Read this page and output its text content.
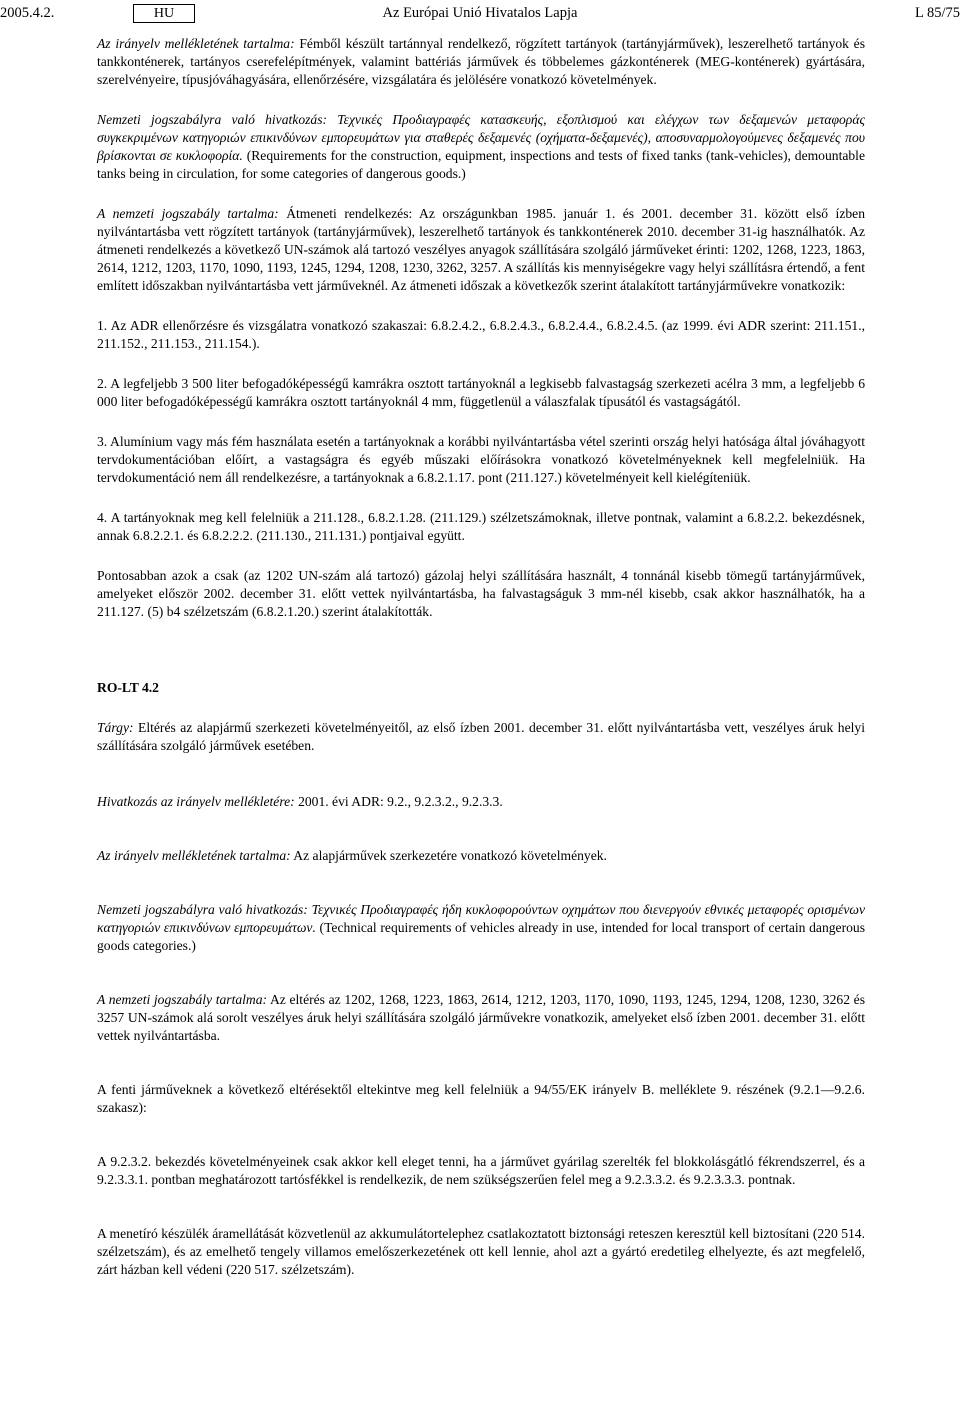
2005.4.2.	HU	Az Európai Unió Hivatalos Lapja	L 85/75

Az irányelv mellékletének tartalma: Fémből készült tartánnyal rendelkező, rögzített tartányok (tartányjárművek), leszerelhető tartányok és tankkonténerek, tartányos cserefelépítmények, valamint battériás járművek és többelemes gázkonténerek (MEG-konténerek) gyártására, szerelvényeire, típusjóváhagyására, ellenőrzésére, vizsgálatára és jelölésére vonatkozó követelmények.

Nemzeti jogszabályra való hivatkozás: Τεχνικές Προδιαγραφές κατασκευής, εξοπλισμού και ελέγχων των δεξαμενών μεταφοράς συγκεκριμένων κατηγοριών επικινδύνων εμπορευμάτων για σταθερές δεξαμενές (οχήματα-δεξαμενές), αποσυναρμολογούμενες δεξαμενές που βρίσκονται σε κυκλοφορία. (Requirements for the construction, equipment, inspections and tests of fixed tanks (tank-vehicles), demountable tanks being in circulation, for some categories of dangerous goods.)

A nemzeti jogszabály tartalma: Átmeneti rendelkezés: Az országunkban 1985. január 1. és 2001. december 31. között első ízben nyilvántartásba vett rögzített tartányok (tartányjárművek), leszerelhető tartányok és tankkonténerek 2010. december 31-ig használhatók. Az átmeneti rendelkezés a következő UN-számok alá tartozó veszélyes anyagok szállítására szolgáló járműveket érinti: 1202, 1268, 1223, 1863, 2614, 1212, 1203, 1170, 1090, 1193, 1245, 1294, 1208, 1230, 3262, 3257. A szállítás kis mennyiségekre vagy helyi szállításra értendő, a fent említett időszakban nyilvántartásba vett járműveknél. Az átmeneti időszak a következők szerint átalakított tartányjárművekre vonatkozik:

1. Az ADR ellenőrzésre és vizsgálatra vonatkozó szakaszai: 6.8.2.4.2., 6.8.2.4.3., 6.8.2.4.4., 6.8.2.4.5. (az 1999. évi ADR szerint: 211.151., 211.152., 211.153., 211.154.).

2. A legfeljebb 3 500 liter befogadóképességű kamrákra osztott tartányoknál a legkisebb falvastagság szerkezeti acélra 3 mm, a legfeljebb 6 000 liter befogadóképességű kamrákra osztott tartányoknál 4 mm, függetlenül a válaszfalak típusától és vastagságától.

3. Alumínium vagy más fém használata esetén a tartányoknak a korábbi nyilvántartásba vétel szerinti ország helyi hatósága által jóváhagyott tervdokumentációban előírt, a vastagságra és egyéb műszaki előírásokra vonatkozó követelményeknek kell megfelelniük. Ha tervdokumentáció nem áll rendelkezésre, a tartányoknak a 6.8.2.1.17. pont (211.127.) követelményeit kell kielégíteniük.

4. A tartányoknak meg kell felelniük a 211.128., 6.8.2.1.28. (211.129.) szélzetszámoknak, illetve pontnak, valamint a 6.8.2.2. bekezdésnek, annak 6.8.2.2.1. és 6.8.2.2.2. (211.130., 211.131.) pontjaival együtt.

Pontosabban azok a csak (az 1202 UN-szám alá tartozó) gázolaj helyi szállítására használt, 4 tonnánál kisebb tömegű tartányjárművek, amelyeket először 2002. december 31. előtt vettek nyilvántartásba, ha falvastagságuk 3 mm-nél kisebb, csak akkor használhatók, ha a 211.127. (5) b4 szélzetszám (6.8.2.1.20.) szerint átalakították.

RO-LT 4.2

Tárgy: Eltérés az alapjármű szerkezeti követelményeitől, az első ízben 2001. december 31. előtt nyilvántartásba vett, veszélyes áruk helyi szállítására szolgáló járművek esetében.

Hivatkozás az irányelv mellékletére: 2001. évi ADR: 9.2., 9.2.3.2., 9.2.3.3.

Az irányelv mellékletének tartalma: Az alapjárművek szerkezetére vonatkozó követelmények.

Nemzeti jogszabályra való hivatkozás: Τεχνικές Προδιαγραφές ήδη κυκλοφορούντων οχημάτων που διενεργούν εθνικές μεταφορές ορισμένων κατηγοριών επικινδύνων εμπορευμάτων. (Technical requirements of vehicles already in use, intended for local transport of certain dangerous goods categories.)

A nemzeti jogszabály tartalma: Az eltérés az 1202, 1268, 1223, 1863, 2614, 1212, 1203, 1170, 1090, 1193, 1245, 1294, 1208, 1230, 3262 és 3257 UN-számok alá sorolt veszélyes áruk helyi szállítására szolgáló járművekre vonatkozik, amelyeket első ízben 2001. december 31. előtt vettek nyilvántartásba.

A fenti járműveknek a következő eltérésektől eltekintve meg kell felelniük a 94/55/EK irányelv B. melléklete 9. részének (9.2.1—9.2.6. szakasz):

A 9.2.3.2. bekezdés követelményeinek csak akkor kell eleget tenni, ha a járművet gyárilag szerelték fel blokkolásgátló fékrendszerrel, és a 9.2.3.3.1. pontban meghatározott tartósfékkel is rendelkezik, de nem szükségszerűen felel meg a 9.2.3.3.2. és 9.2.3.3.3. pontnak.

A menetíró készülék áramellátását közvetlenül az akkumulátortelephez csatlakoztatott biztonsági reteszen keresztül kell biztosítani (220 514. szélzetszám), és az emelhető tengely villamos emelőszerkezetének ott kell lennie, ahol azt a gyártó eredetileg elhelyezte, és azt megfelelő, zárt házban kell védeni (220 517. szélzetszám).
